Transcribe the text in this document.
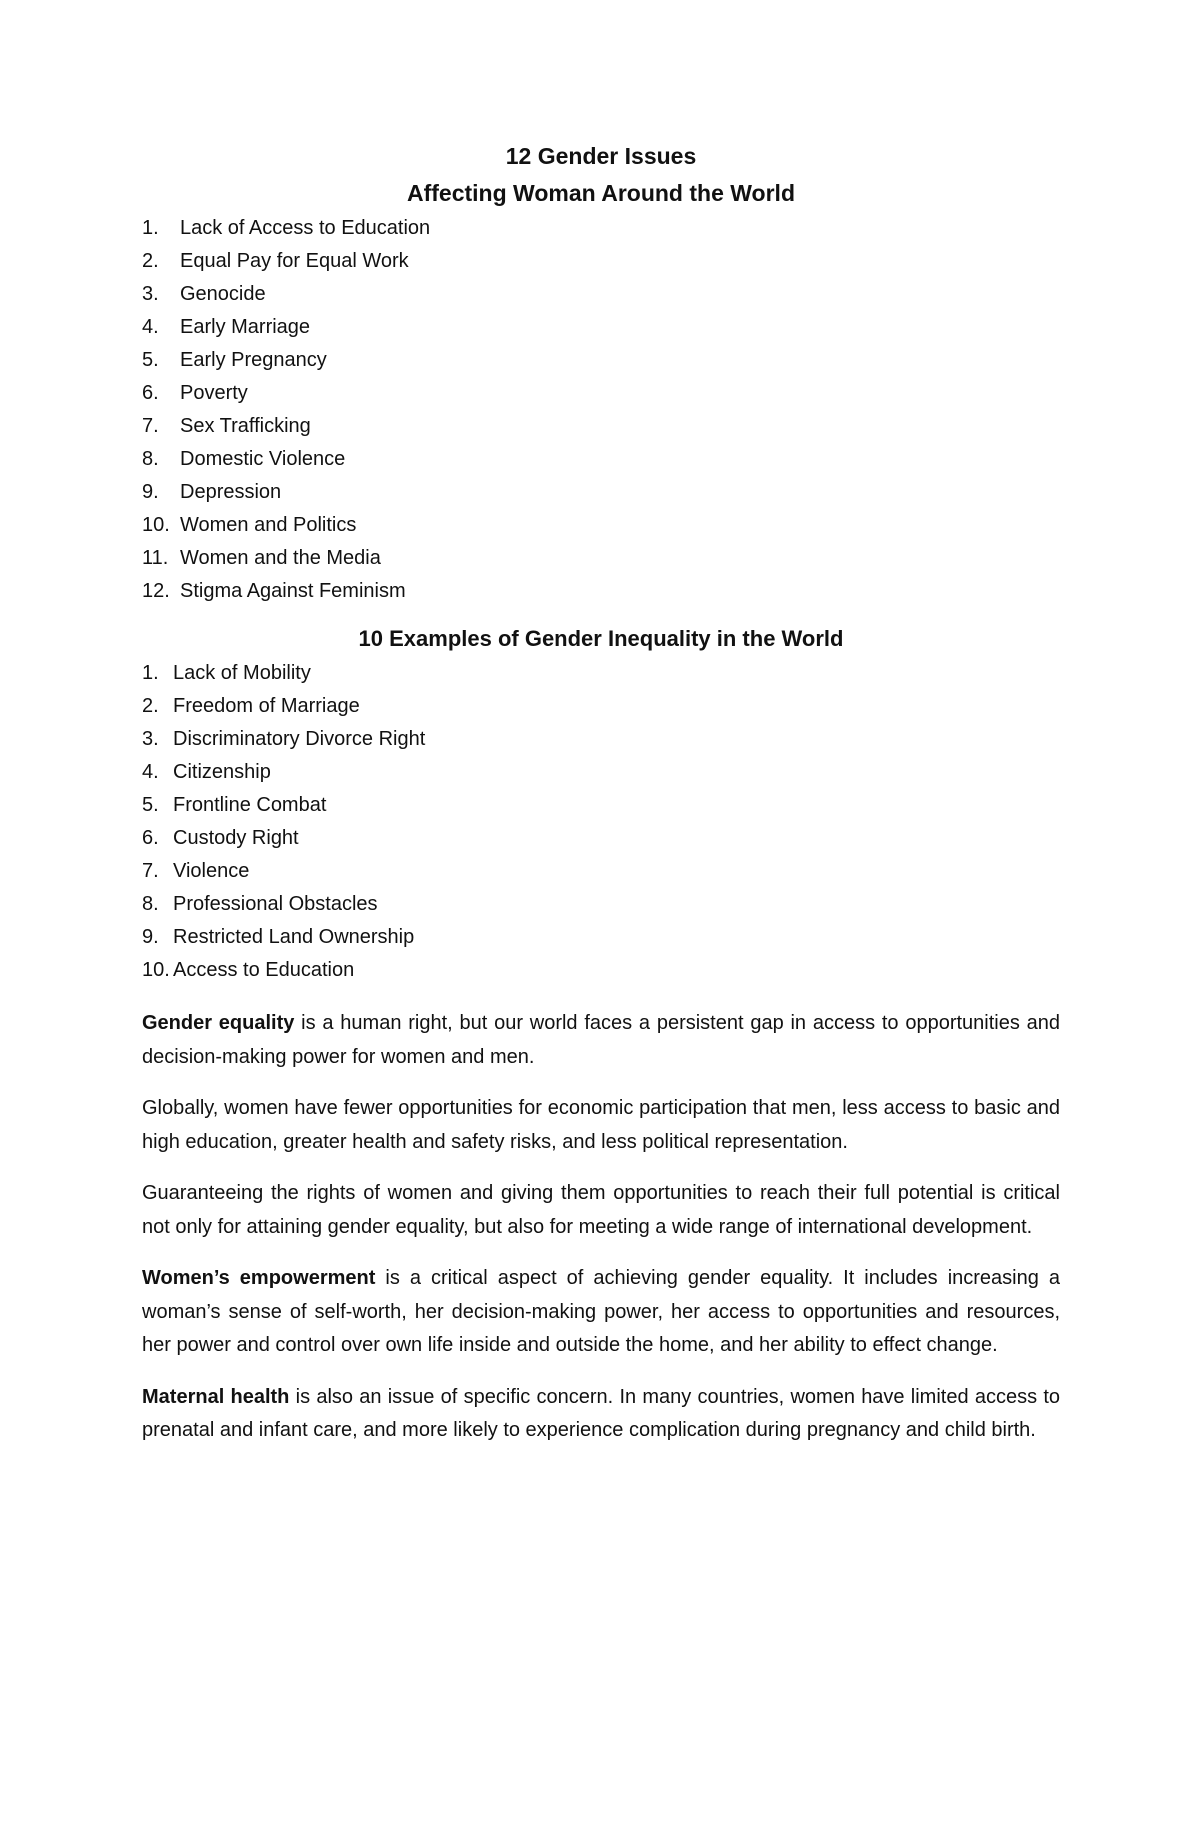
12 Gender Issues

Affecting Woman Around the World

1.	Lack of Access to Education
2.	Equal Pay for Equal Work
3.	Genocide
4.	Early Marriage
5.	Early Pregnancy
6.	Poverty
7.	Sex Trafficking
8.	Domestic Violence
9.	Depression
10. Women and Politics
11. Women and the Media
12. Stigma Against Feminism

10 Examples of Gender Inequality in the World

1. Lack of Mobility
2. Freedom of Marriage
3. Discriminatory Divorce Right
4. Citizenship
5. Frontline Combat
6. Custody Right
7. Violence
8. Professional Obstacles
9. Restricted Land Ownership
10. Access to Education

Gender equality is a human right, but our world faces a persistent gap in access to opportunities and decision-making power for women and men.

Globally, women have fewer opportunities for economic participation that men, less access to basic and high education, greater health and safety risks, and less political representation.

Guaranteeing the rights of women and giving them opportunities to reach their full potential is critical not only for attaining gender equality, but also for meeting a wide range of international development.

Women’s empowerment is a critical aspect of achieving gender equality. It includes increasing a woman’s sense of self-worth, her decision-making power, her access to opportunities and resources, her power and control over own life inside and outside the home, and her ability to effect change.

Maternal health is also an issue of specific concern. In many countries, women have limited access to prenatal and infant care, and more likely to experience complication during pregnancy and child birth.
